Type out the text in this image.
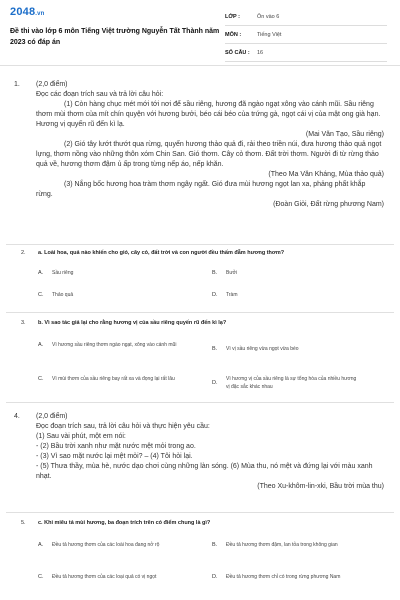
2048.vn
Đề thi vào lớp 6 môn Tiếng Việt trường Nguyễn Tất Thành năm 2023 có đáp án
LỚP :	Ôn vào 6
MÔN :	Tiếng Việt
SỐ CÂU :	16
1.	(2,0 điểm)
Đọc các đoạn trích sau và trả lời câu hỏi:
(1) Còn hàng chục mét mới tới nơi để sầu riêng, hương đã ngào ngạt xông vào cánh mũi. Sầu riêng thơm mùi thơm của mít chín quyện với hương bưởi, béo cái béo của trứng gà, ngọt cái vị của mật ong già hạn. Hương vị quyến rũ đến kì lạ.
(Mai Văn Tạo, Sầu riêng)
(2) Gió tây lướt thướt qua rừng, quyến hương thảo quả đi, rải theo triền núi, đưa hương thảo quả ngọt lựng, thơm nồng vào những thôn xóm Chin San. Gió thơm. Cây cỏ thơm. Đất trời thơm. Người đi từ rừng thảo quả về, hương thơm đậm ủ ấp trong từng nếp áo, nếp khăn.
(Theo Ma Văn Kháng, Mùa thảo quả)
(3) Nắng bốc hương hoa tràm thơm ngây ngất. Gió đưa mùi hương ngọt lan xa, phảng phất khắp rừng.
(Đoàn Giỏi, Đất rừng phương Nam)
2. a. Loài hoa, quả nào khiến cho gió, cây cỏ, đất trời và con người đều thấm đẫm hương thơm?
A.	Sầu riêng	B.	Bưởi
C.	Thảo quả	D.	Tràm
3. b. Vì sao tác giả lại cho rằng hương vị của sầu riêng quyến rũ đến kì lạ?
A.	Vì hương sầu riêng thơm ngào ngạt, xông vào cánh mũi
B.	Vì vị sầu riêng vừa ngọt vừa béo
C.	Vì mùi thơm của sầu riêng bay rất xa và đọng lại rất lâu
D.
Vì hương vị của sầu riêng là sự tổng hòa của nhiều hương vị đặc sắc khác nhau
4.	(2,0 điểm)
Đọc đoạn trích sau, trả lời câu hỏi và thực hiện yêu cầu:
(1) Sau vài phút, một em nói:
- (2) Bầu trời xanh như mặt nước mệt mỏi trong ao.
- (3) Vì sao mặt nước lại mệt mỏi? – (4) Tôi hỏi lại.
- (5) Thưa thầy, mùa hè, nước dạo chơi cùng những làn sóng. (6) Mùa thu, nó mệt và đứng lại với màu xanh nhạt.
(Theo Xu-khôm-lin-xki, Bầu trời mùa thu)
5. c. Khi miêu tả mùi hương, ba đoạn trích trên có điểm chung là gì?
A.	Đều tả hương thơm của các loài hoa đang nở rộ	B.	Đều tả hương thơm đậm, lan tỏa trong không gian
C.	Đều tả hương thơm của các loại quả có vị ngọt	D.	Đều tả hương thơm chỉ có trong rừng phương Nam
